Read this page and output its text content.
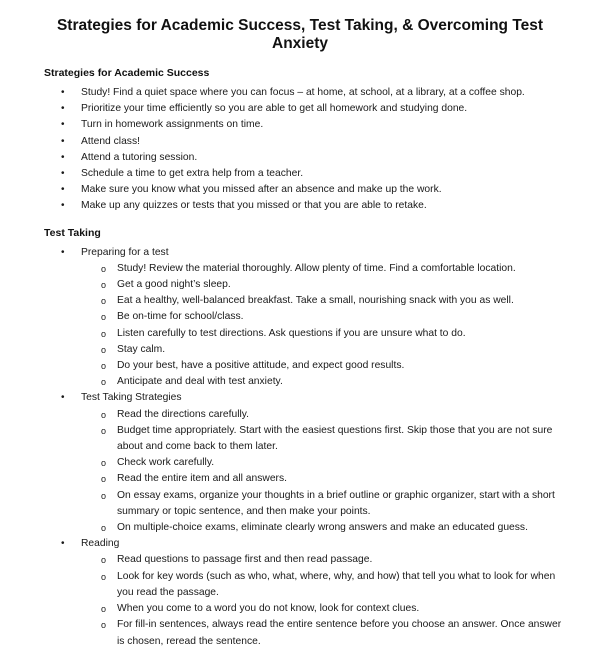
Strategies for Academic Success, Test Taking, & Overcoming Test Anxiety
Strategies for Academic Success
• Study! Find a quiet space where you can focus – at home, at school, at a library, at a coffee shop.
• Prioritize your time efficiently so you are able to get all homework and studying done.
• Turn in homework assignments on time.
• Attend class!
• Attend a tutoring session.
• Schedule a time to get extra help from a teacher.
• Make sure you know what you missed after an absence and make up the work.
• Make up any quizzes or tests that you missed or that you are able to retake.
Test Taking
• Preparing for a test
o Study! Review the material thoroughly. Allow plenty of time. Find a comfortable location.
o Get a good night’s sleep.
o Eat a healthy, well-balanced breakfast. Take a small, nourishing snack with you as well.
o Be on-time for school/class.
o Listen carefully to test directions. Ask questions if you are unsure what to do.
o Stay calm.
o Do your best, have a positive attitude, and expect good results.
o Anticipate and deal with test anxiety.
• Test Taking Strategies
o Read the directions carefully.
o Budget time appropriately. Start with the easiest questions first. Skip those that you are not sure about and come back to them later.
o Check work carefully.
o Read the entire item and all answers.
o On essay exams, organize your thoughts in a brief outline or graphic organizer, start with a short summary or topic sentence, and then make your points.
o On multiple-choice exams, eliminate clearly wrong answers and make an educated guess.
• Reading
o Read questions to passage first and then read passage.
o Look for key words (such as who, what, where, why, and how) that tell you what to look for when you read the passage.
o When you come to a word you do not know, look for context clues.
o For fill-in sentences, always read the entire sentence before you choose an answer. Once answer is chosen, reread the sentence.
